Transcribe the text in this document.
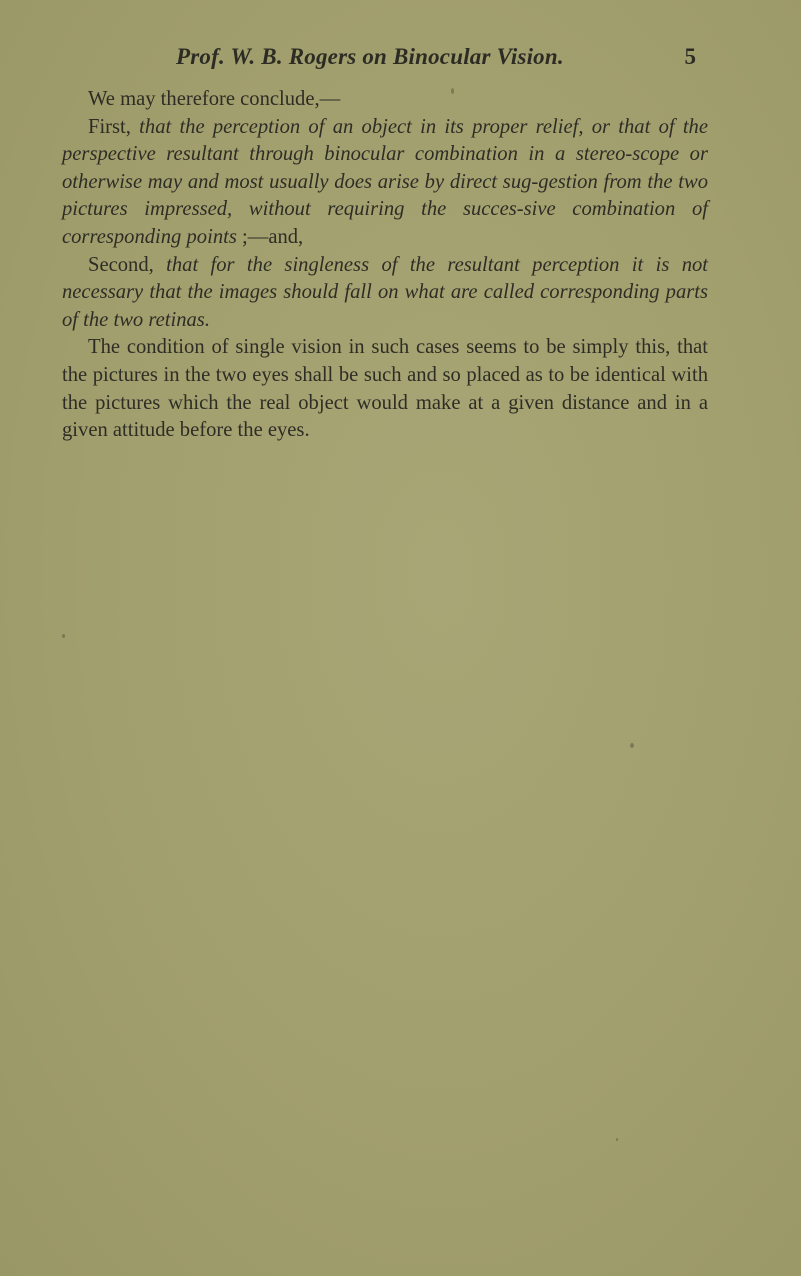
Prof. W. B. Rogers on Binocular Vision.	5

We may therefore conclude,—

First, that the perception of an object in its proper relief, or that of the perspective resultant through binocular combination in a stereo-scope or otherwise may and most usually does arise by direct sug-gestion from the two pictures impressed, without requiring the succes-sive combination of corresponding points ;—and,

Second, that for the singleness of the resultant perception it is not necessary that the images should fall on what are called corresponding parts of the two retinas.

The condition of single vision in such cases seems to be simply this, that the pictures in the two eyes shall be such and so placed as to be identical with the pictures which the real object would make at a given distance and in a given attitude before the eyes.
